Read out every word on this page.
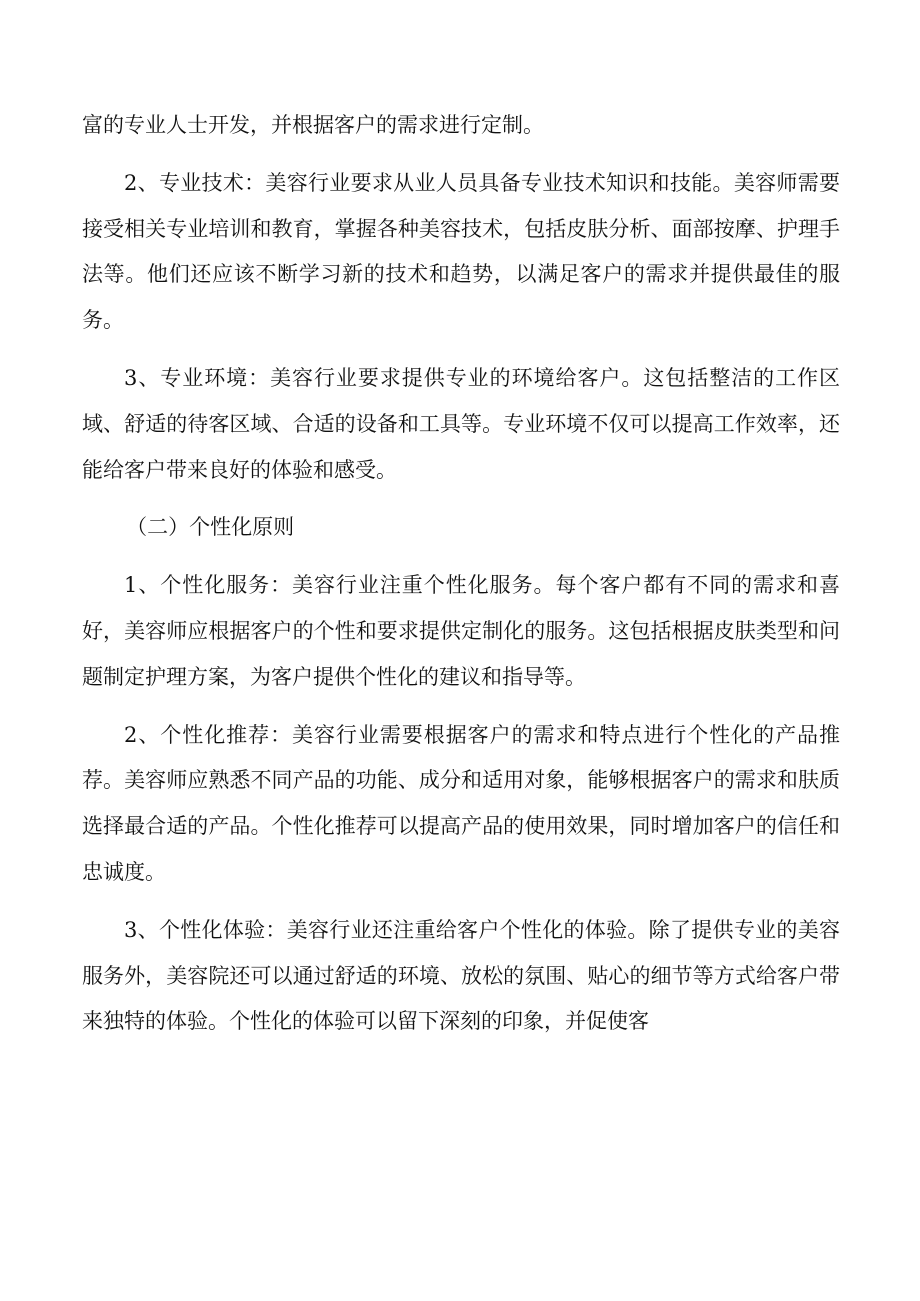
富的专业人士开发，并根据客户的需求进行定制。

2、专业技术：美容行业要求从业人员具备专业技术知识和技能。美容师需要接受相关专业培训和教育，掌握各种美容技术，包括皮肤分析、面部按摩、护理手法等。他们还应该不断学习新的技术和趋势，以满足客户的需求并提供最佳的服务。

3、专业环境：美容行业要求提供专业的环境给客户。这包括整洁的工作区域、舒适的待客区域、合适的设备和工具等。专业环境不仅可以提高工作效率，还能给客户带来良好的体验和感受。

（二）个性化原则

1、个性化服务：美容行业注重个性化服务。每个客户都有不同的需求和喜好，美容师应根据客户的个性和要求提供定制化的服务。这包括根据皮肤类型和问题制定护理方案，为客户提供个性化的建议和指导等。

2、个性化推荐：美容行业需要根据客户的需求和特点进行个性化的产品推荐。美容师应熟悉不同产品的功能、成分和适用对象，能够根据客户的需求和肤质选择最合适的产品。个性化推荐可以提高产品的使用效果，同时增加客户的信任和忠诚度。

3、个性化体验：美容行业还注重给客户个性化的体验。除了提供专业的美容服务外，美容院还可以通过舒适的环境、放松的氛围、贴心的细节等方式给客户带来独特的体验。个性化的体验可以留下深刻的印象，并促使客
